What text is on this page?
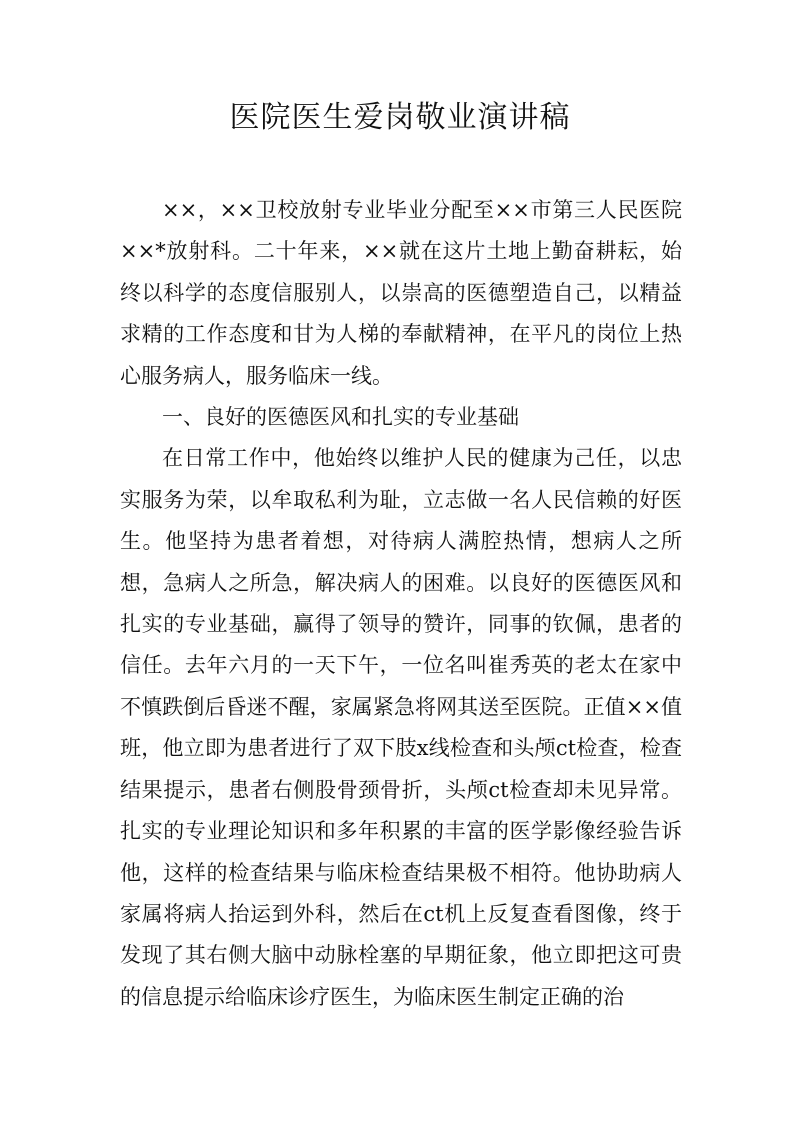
医院医生爱岗敬业演讲稿

××，××卫校放射专业毕业分配至××市第三人民医院××*放射科。二十年来，××就在这片土地上勤奋耕耘，始终以科学的态度信服别人，以崇高的医德塑造自己，以精益求精的工作态度和甘为人梯的奉献精神，在平凡的岗位上热心服务病人，服务临床一线。

一、良好的医德医风和扎实的专业基础

在日常工作中，他始终以维护人民的健康为己任，以忠实服务为荣，以牟取私利为耻，立志做一名人民信赖的好医生。他坚持为患者着想，对待病人满腔热情，想病人之所想，急病人之所急，解决病人的困难。以良好的医德医风和扎实的专业基础，赢得了领导的赞许，同事的钦佩，患者的信任。去年六月的一天下午，一位名叫崔秀英的老太在家中不慎跌倒后昏迷不醒，家属紧急将网其送至医院。正值××值班，他立即为患者进行了双下肢x线检查和头颅ct检查，检查结果提示，患者右侧股骨颈骨折，头颅ct检查却未见异常。扎实的专业理论知识和多年积累的丰富的医学影像经验告诉他，这样的检查结果与临床检查结果极不相符。他协助病人家属将病人抬运到外科，然后在ct机上反复查看图像，终于发现了其右侧大脑中动脉栓塞的早期征象，他立即把这可贵的信息提示给临床诊疗医生，为临床医生制定正确的治
